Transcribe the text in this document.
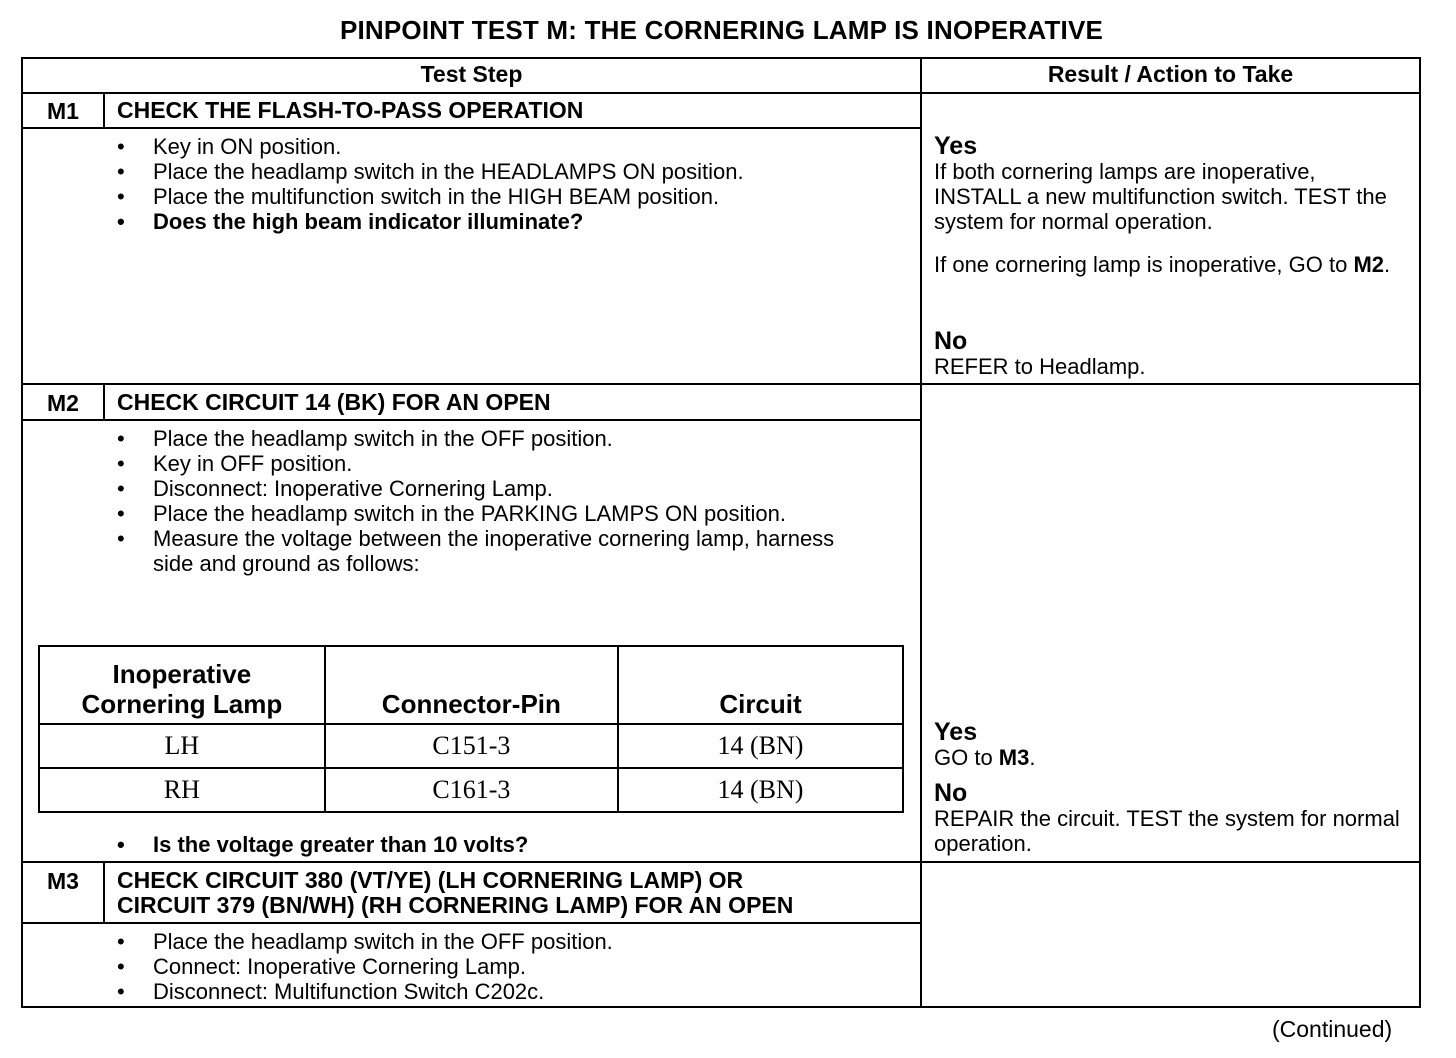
PINPOINT TEST M: THE CORNERING LAMP IS INOPERATIVE
Test Step	Result / Action to Take
M1	CHECK THE FLASH-TO-PASS OPERATION
• Key in ON position.
• Place the headlamp switch in the HEADLAMPS ON position.
• Place the multifunction switch in the HIGH BEAM position.
• Does the high beam indicator illuminate?
Yes
If both cornering lamps are inoperative, INSTALL a new multifunction switch. TEST the system for normal operation.
If one cornering lamp is inoperative, GO to M2.
No
REFER to Headlamp.
M2	CHECK CIRCUIT 14 (BK) FOR AN OPEN
• Place the headlamp switch in the OFF position.
• Key in OFF position.
• Disconnect: Inoperative Cornering Lamp.
• Place the headlamp switch in the PARKING LAMPS ON position.
• Measure the voltage between the inoperative cornering lamp, harness side and ground as follows:
Inoperative Cornering Lamp	Connector-Pin	Circuit
LH	C151-3	14 (BN)
RH	C161-3	14 (BN)
• Is the voltage greater than 10 volts?
Yes
GO to M3.
No
REPAIR the circuit. TEST the system for normal operation.
M3	CHECK CIRCUIT 380 (VT/YE) (LH CORNERING LAMP) OR
CIRCUIT 379 (BN/WH) (RH CORNERING LAMP) FOR AN OPEN
• Place the headlamp switch in the OFF position.
• Connect: Inoperative Cornering Lamp.
• Disconnect: Multifunction Switch C202c.
(Continued)
